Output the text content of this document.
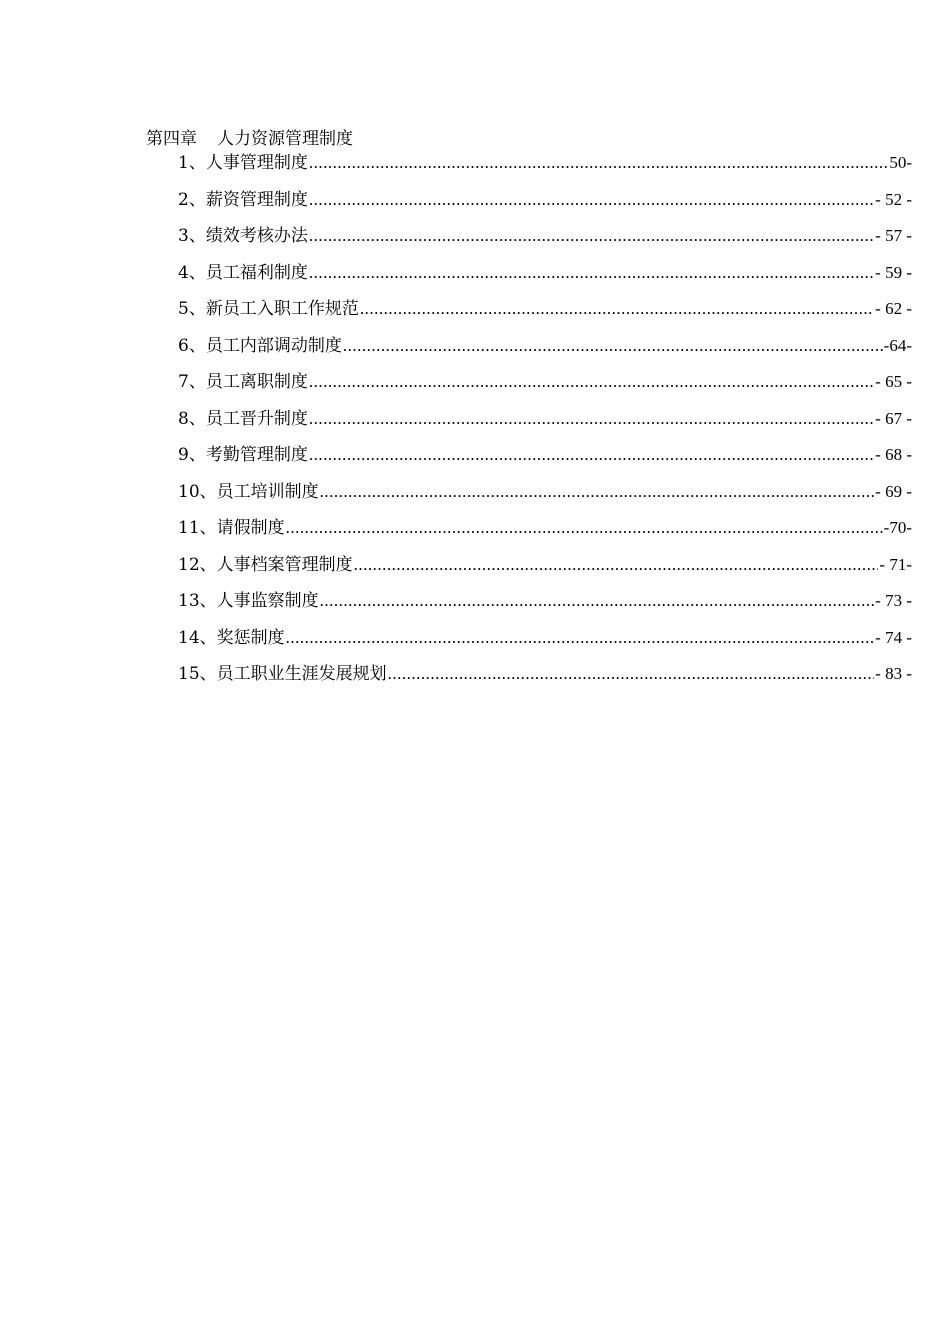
第四章 人力资源管理制度
1、人事管理制度 .....	50-
2、薪资管理制度 .....	- 52 -
3、绩效考核办法 .....	- 57 -
4、员工福利制度 .....	- 59 -
5、新员工入职工作规范 .....	- 62 -
6、员工内部调动制度 .....	-64-
7、员工离职制度 .....	- 65 -
8、员工晋升制度 .....	- 67 -
9、考勤管理制度 .....	- 68 -
10、员工培训制度 .....	- 69 -
11、请假制度 .....	-70-
12、人事档案管理制度 .....	- 71-
13、人事监察制度 .....	- 73 -
14、奖惩制度 .....	- 74 -
15、员工职业生涯发展规划 .....	- 83 -
